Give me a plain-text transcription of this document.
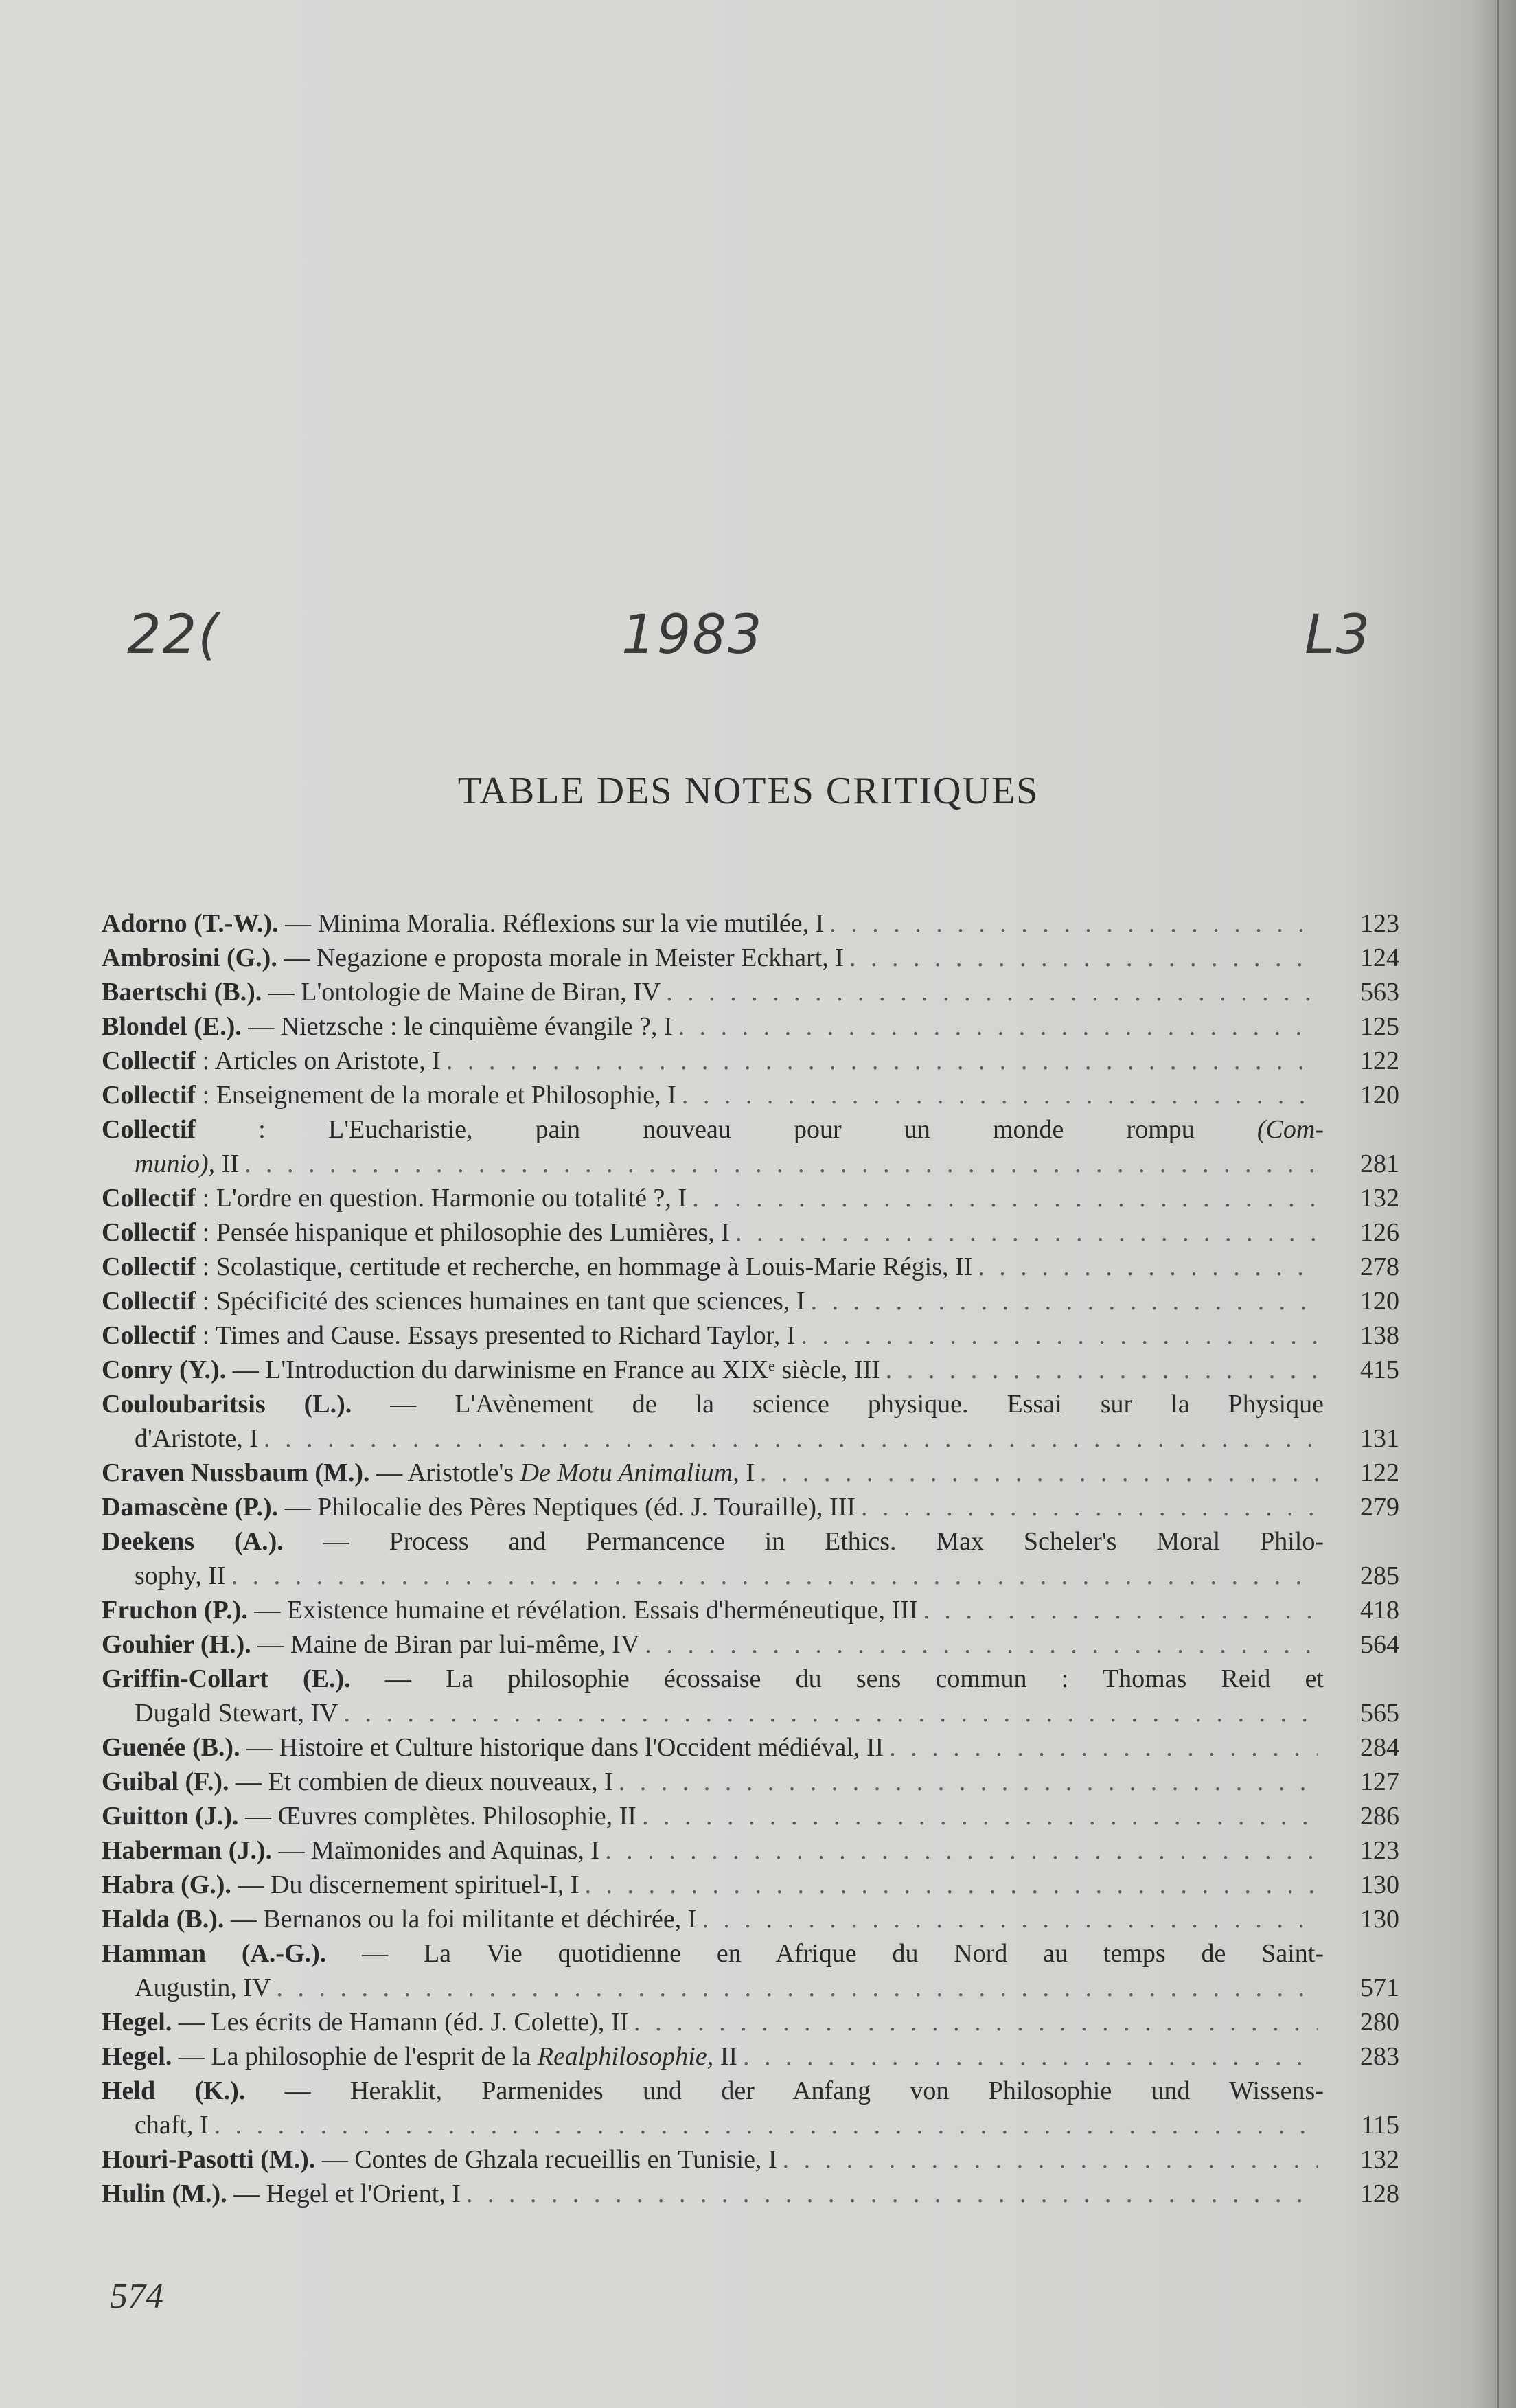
22(	1983	L3
TABLE DES NOTES CRITIQUES
Adorno (T.-W.). — Minima Moralia. Réflexions sur la vie mutilée, I . . .	123
Ambrosini (G.). — Negazione e proposta morale in Meister Eckhart, I . . .	124
Baertschi (B.). — L'ontologie de Maine de Biran, IV . . .	563
Blondel (E.). — Nietzsche : le cinquième évangile ?, I . . .	125
Collectif : Articles on Aristote, I . . .	122
Collectif : Enseignement de la morale et Philosophie, I . . .	120
Collectif : L'Eucharistie, pain nouveau pour un monde rompu (Com-
munio), II . . .	281
Collectif : L'ordre en question. Harmonie ou totalité ?, I . . .	132
Collectif : Pensée hispanique et philosophie des Lumières, I . . .	126
Collectif : Scolastique, certitude et recherche, en hommage à Louis-Marie Régis, II . . .	278
Collectif : Spécificité des sciences humaines en tant que sciences, I . . .	120
Collectif : Times and Cause. Essays presented to Richard Taylor, I . . .	138
Conry (Y.). — L'Introduction du darwinisme en France au XIXᵉ siècle, III . . .	415
Couloubaritsis (L.). — L'Avènement de la science physique. Essai sur la Physique
d'Aristote, I . . .	131
Craven Nussbaum (M.). — Aristotle's De Motu Animalium, I . . .	122
Damascène (P.). — Philocalie des Pères Neptiques (éd. J. Touraille), III . . .	279
Deekens (A.). — Process and Permancence in Ethics. Max Scheler's Moral Philo-
sophy, II . . .	285
Fruchon (P.). — Existence humaine et révélation. Essais d'herméneutique, III . . .	418
Gouhier (H.). — Maine de Biran par lui-même, IV . . .	564
Griffin-Collart (E.). — La philosophie écossaise du sens commun : Thomas Reid et
Dugald Stewart, IV . . .	565
Guenée (B.). — Histoire et Culture historique dans l'Occident médiéval, II . . .	284
Guibal (F.). — Et combien de dieux nouveaux, I . . .	127
Guitton (J.). — Œuvres complètes. Philosophie, II . . .	286
Haberman (J.). — Maïmonides and Aquinas, I . . .	123
Habra (G.). — Du discernement spirituel-I, I . . .	130
Halda (B.). — Bernanos ou la foi militante et déchirée, I . . .	130
Hamman (A.-G.). — La Vie quotidienne en Afrique du Nord au temps de Saint-
Augustin, IV . . .	571
Hegel. — Les écrits de Hamann (éd. J. Colette), II . . .	280
Hegel. — La philosophie de l'esprit de la Realphilosophie, II . . .	283
Held (K.). — Heraklit, Parmenides und der Anfang von Philosophie und Wissens-
chaft, I . . .	115
Houri-Pasotti (M.). — Contes de Ghzala recueillis en Tunisie, I . . .	132
Hulin (M.). — Hegel et l'Orient, I . . .	128
574
